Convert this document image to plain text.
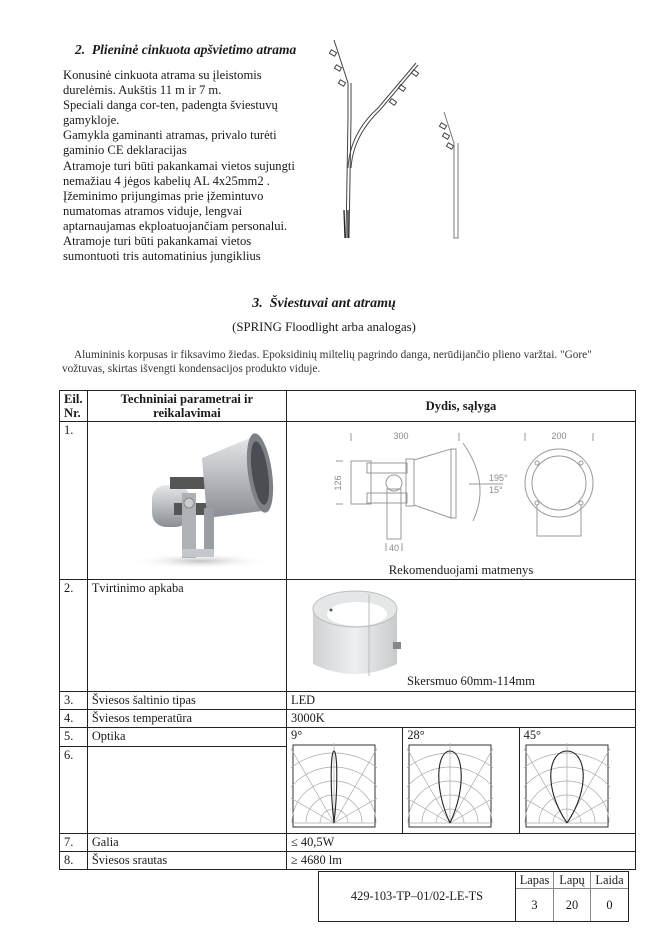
2. Plieninė cinkuota apšvietimo atrama
Konusinė cinkuota atrama su įleistomis
durelėmis. Aukštis 11 m ir 7 m.
Speciali danga cor-ten, padengta šviestuvų
gamykloje.
Gamykla gaminanti atramas, privalo turėti
gaminio CE deklaracijas
Atramoje turi būti pakankamai vietos sujungti
nemažiau 4 jėgos kabelių AL 4x25mm2 .
Įžeminimo prijungimas prie įžemintuvo
numatomas atramos viduje, lengvai
aptarnaujamas ekploatuojančiam personalui.
Atramoje turi būti pakankamai vietos
sumontuoti tris automatinius jungiklius
3. Šviestuvai ant atramų
(SPRING Floodlight arba analogas)
Alumininis korpusas ir fiksavimo žiedas. Epoksidinių miltelių pagrindo danga, nerūdijančio plieno varžtai. "Gore"
vožtuvas, skirtas išvengti kondensacijos produkto viduje.
Eil.
Nr.

Techniniai parametrai ir
reikalavimai	Dydis, sąlyga
1.		300
126	195°
15°
40
200
Rekomenduojami matmenys

2.	Tvirtinimo apkaba	Skersmuo 60mm-114mm

3.	Šviesos šaltinio tipas	LED
4.	Šviesos temperatūra	3000K
5.	Optika	9° 28° 45°

6.		
7.	Galia	≤ 40,5W
8.	Šviesos srautas	≥ 4680 lm
429-103-TP–01/02-LE-TS
Lapas Lapų Laida
3	20	0
